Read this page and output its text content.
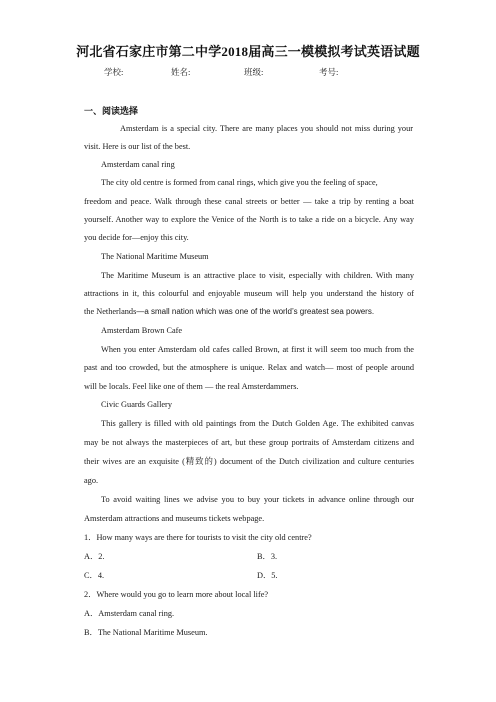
河北省石家庄市第二中学2018届高三一模模拟考试英语试题
学校:	姓名:	班级:	考号:
一、阅读选择
Amsterdam is a special city. There are many places you should not miss during your
visit. Here is our list of the best.
Amsterdam canal ring
The city old centre is formed from canal rings, which give you the feeling of space,
freedom and peace. Walk through these canal streets or better — take a trip by renting a boat
yourself. Another way to explore the Venice of the North is to take a ride on a bicycle. Any way
you decide for—enjoy this city.
The National Maritime Museum
The Maritime Museum is an attractive place to visit, especially with children. With many
attractions in it, this colourful and enjoyable museum will help you understand the history of
the Netherlands—a small nation which was one of the world’s greatest sea powers.
Amsterdam Brown Cafe
When you enter Amsterdam old cafes called Brown, at first it will seem too much from the
past and too crowded, but the atmosphere is unique. Relax and watch— most of people around
will be locals. Feel like one of them — the real Amsterdammers.
Civic Guards Gallery
This gallery is filled with old paintings from the Dutch Golden Age. The exhibited canvas
may be not always the masterpieces of art, but these group portraits of Amsterdam citizens and
their wives are an exquisite (精致的) document of the Dutch civilization and culture centuries
ago.
To avoid waiting lines we advise you to buy your tickets in advance online through our
Amsterdam attractions and museums tickets webpage.
1．How many ways are there for tourists to visit the city old centre?
A．2.	B．3.
C．4.	D．5.
2．Where would you go to learn more about local life?
A．Amsterdam canal ring.
B．The National Maritime Museum.
